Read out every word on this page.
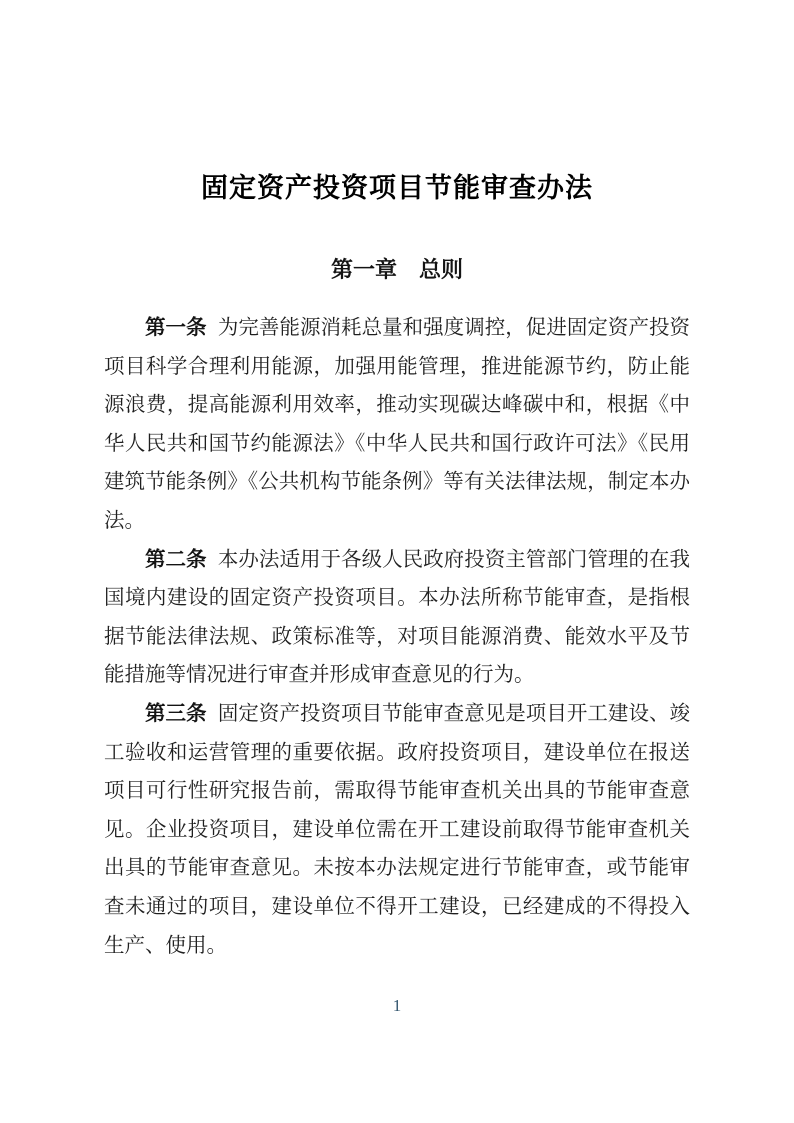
固定资产投资项目节能审查办法
第一章　总则

第一条 为完善能源消耗总量和强度调控，促进固定资产投资项目科学合理利用能源，加强用能管理，推进能源节约，防止能源浪费，提高能源利用效率，推动实现碳达峰碳中和，根据《中华人民共和国节约能源法》《中华人民共和国行政许可法》《民用建筑节能条例》《公共机构节能条例》等有关法律法规，制定本办法。

第二条 本办法适用于各级人民政府投资主管部门管理的在我国境内建设的固定资产投资项目。本办法所称节能审查，是指根据节能法律法规、政策标准等，对项目能源消费、能效水平及节能措施等情况进行审查并形成审查意见的行为。

第三条 固定资产投资项目节能审查意见是项目开工建设、竣工验收和运营管理的重要依据。政府投资项目，建设单位在报送项目可行性研究报告前，需取得节能审查机关出具的节能审查意见。企业投资项目，建设单位需在开工建设前取得节能审查机关出具的节能审查意见。未按本办法规定进行节能审查，或节能审查未通过的项目，建设单位不得开工建设，已经建成的不得投入生产、使用。

1
